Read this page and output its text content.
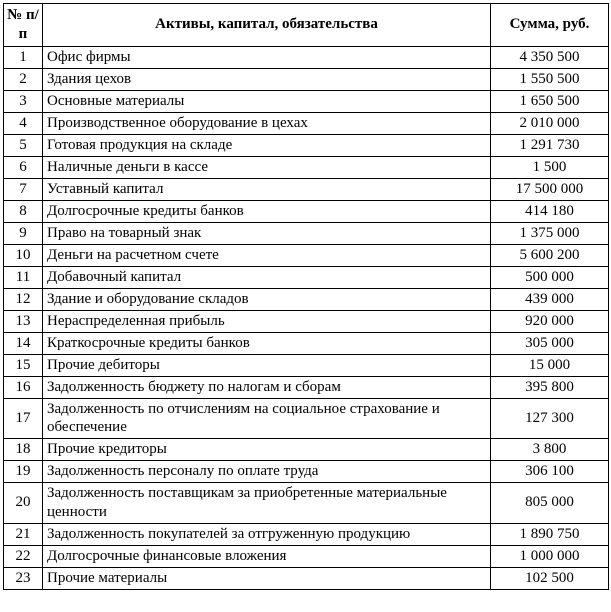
№ п/п	Активы, капитал, обязательства	Сумма, руб.
1	Офис фирмы	4 350 500
2	Здания цехов	1 550 500
3	Основные материалы	1 650 500
4	Производственное оборудование в цехах	2 010 000
5	Готовая продукция на складе	1 291 730
6	Наличные деньги в кассе	1 500
7	Уставный капитал	17 500 000
8	Долгосрочные кредиты банков	414 180
9	Право на товарный знак	1 375 000
10	Деньги на расчетном счете	5 600 200
11	Добавочный капитал	500 000
12	Здание и оборудование складов	439 000
13	Нераспределенная прибыль	920 000
14	Краткосрочные кредиты банков	305 000
15	Прочие дебиторы	15 000
16	Задолженность бюджету по налогам и сборам	395 800
17	Задолженность по отчислениям на социальное страхование и обеспечение	127 300
18	Прочие кредиторы	3 800
19	Задолженность персоналу по оплате труда	306 100
20	Задолженность поставщикам за приобретенные материальные ценности	805 000
21	Задолженность покупателей за отгруженную продукцию	1 890 750
22	Долгосрочные финансовые вложения	1 000 000
23	Прочие материалы	102 500
